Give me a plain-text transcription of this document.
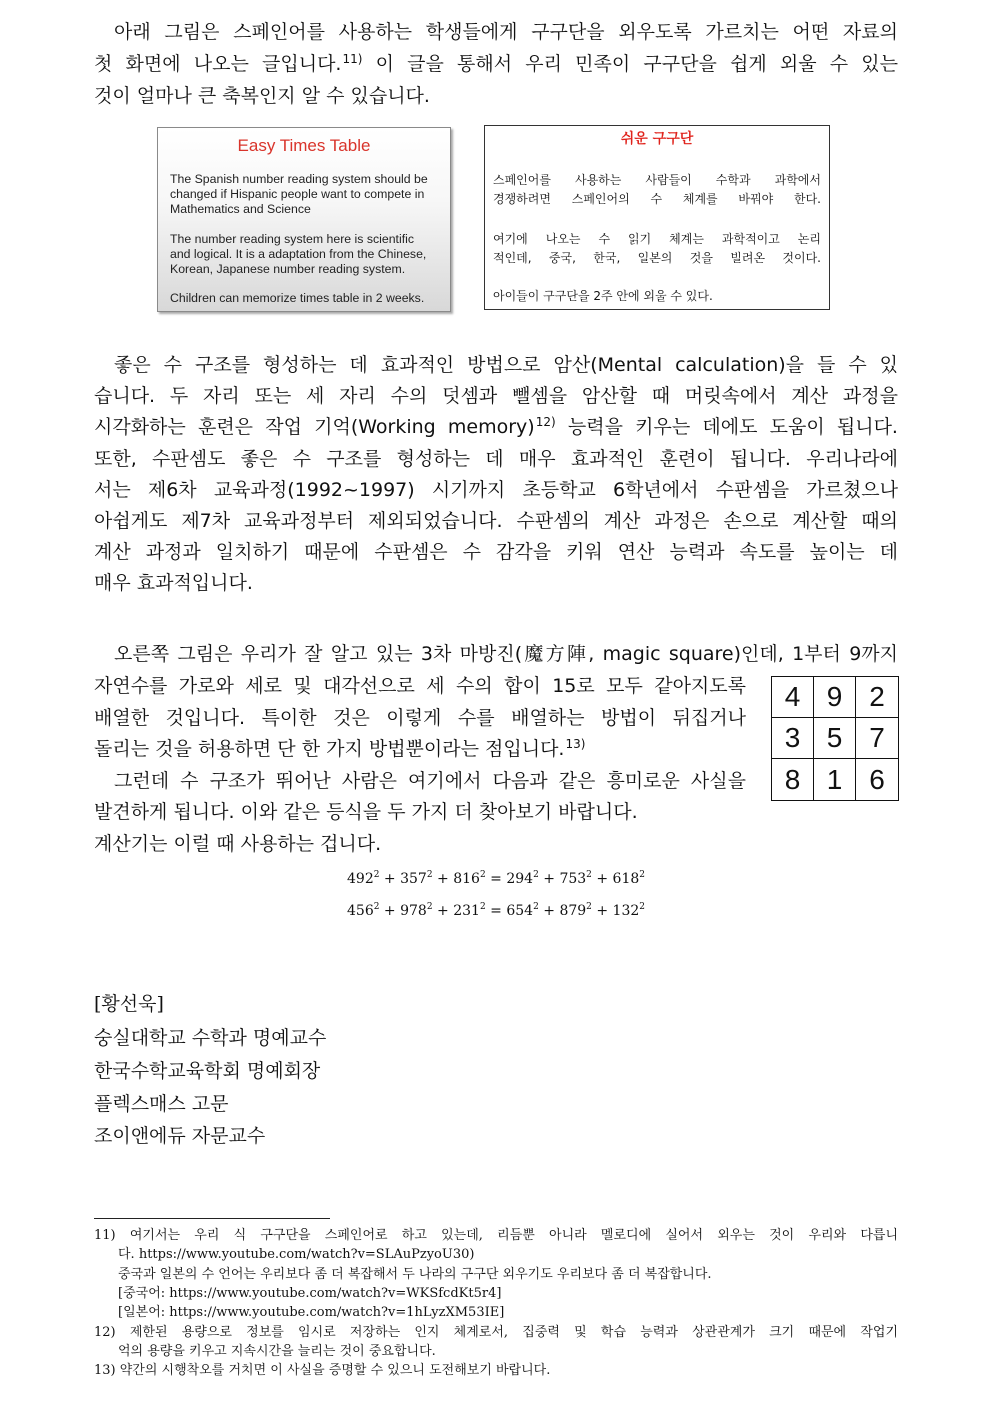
아래 그림은 스페인어를 사용하는 학생들에게 구구단을 외우도록 가르치는 어떤 자료의
첫 화면에 나오는 글입니다.$^{11)}$ 이 글을 통해서 우리 민족이 구구단을 쉽게 외울 수 있는
것이 얼마나 큰 축복인지 알 수 있습니다.
Easy Times Table
The Spanish number reading system should be
changed if Hispanic people want to compete in
Mathematics and Science
The number reading system here is scientific
and logical. It is a adaptation from the Chinese,
Korean, Japanese number reading system.
Children can memorize times table in 2 weeks.
쉬운 구구단
스페인어를 사용하는 사람들이 수학과 과학에서
경쟁하려면 스페인어의 수 체계를 바꿔야 한다.
여기에 나오는 수 읽기 체계는 과학적이고 논리
적인데, 중국, 한국, 일본의 것을 빌려온 것이다.
아이들이 구구단을 2주 안에 외울 수 있다.
좋은 수 구조를 형성하는 데 효과적인 방법으로 암산(Mental calculation)을 들 수 있
습니다. 두 자리 또는 세 자리 수의 덧셈과 뺄셈을 암산할 때 머릿속에서 계산 과정을
시각화하는 훈련은 작업 기억(Working memory)$^{12)}$ 능력을 키우는 데에도 도움이 됩니다.
또한, 수판셈도 좋은 수 구조를 형성하는 데 매우 효과적인 훈련이 됩니다. 우리나라에
서는 제6차 교육과정(1992~1997) 시기까지 초등학교 6학년에서 수판셈을 가르쳤으나
아쉽게도 제7차 교육과정부터 제외되었습니다. 수판셈의 계산 과정은 손으로 계산할 때의
계산 과정과 일치하기 때문에 수판셈은 수 감각을 키워 연산 능력과 속도를 높이는 데
매우 효과적입니다.
오른쪽 그림은 우리가 잘 알고 있는 3차 마방진(魔方陣, magic square)인데, 1부터 9까지
자연수를 가로와 세로 및 대각선으로 세 수의 합이 15로 모두 같아지도록
배열한 것입니다. 특이한 것은 이렇게 수를 배열하는 방법이 뒤집거나
돌리는 것을 허용하면 단 한 가지 방법뿐이라는 점입니다.$^{13)}$
그런데 수 구조가 뛰어난 사람은 여기에서 다음과 같은 흥미로운 사실을
발견하게 됩니다. 이와 같은 등식을 두 가지 더 찾아보기 바랍니다.
계산기는 이럴 때 사용하는 겁니다.
4 9 2
3 5 7
8 1 6
$492^2 + 357^2 + 816^2 = 294^2 + 753^2 + 618^2$
$456^2 + 978^2 + 231^2 = 654^2 + 879^2 + 132^2$
[황선욱]
숭실대학교 수학과 명예교수
한국수학교육학회 명예회장
플렉스매스 고문
조이앤에듀 자문교수
11) 여기서는 우리 식 구구단을 스페인어로 하고 있는데, 리듬뿐 아니라 멜로디에 실어서 외우는 것이 우리와 다릅니
다. https://www.youtube.com/watch?v=SLAuPzyoU30)
중국과 일본의 수 언어는 우리보다 좀 더 복잡해서 두 나라의 구구단 외우기도 우리보다 좀 더 복잡합니다.
[중국어: https://www.youtube.com/watch?v=WKSfcdKt5r4]
[일본어: https://www.youtube.com/watch?v=1hLyzXM53IE]
12) 제한된 용량으로 정보를 임시로 저장하는 인지 체계로서, 집중력 및 학습 능력과 상관관계가 크기 때문에 작업기
억의 용량을 키우고 지속시간을 늘리는 것이 중요합니다.
13) 약간의 시행착오를 거치면 이 사실을 증명할 수 있으니 도전해보기 바랍니다.
